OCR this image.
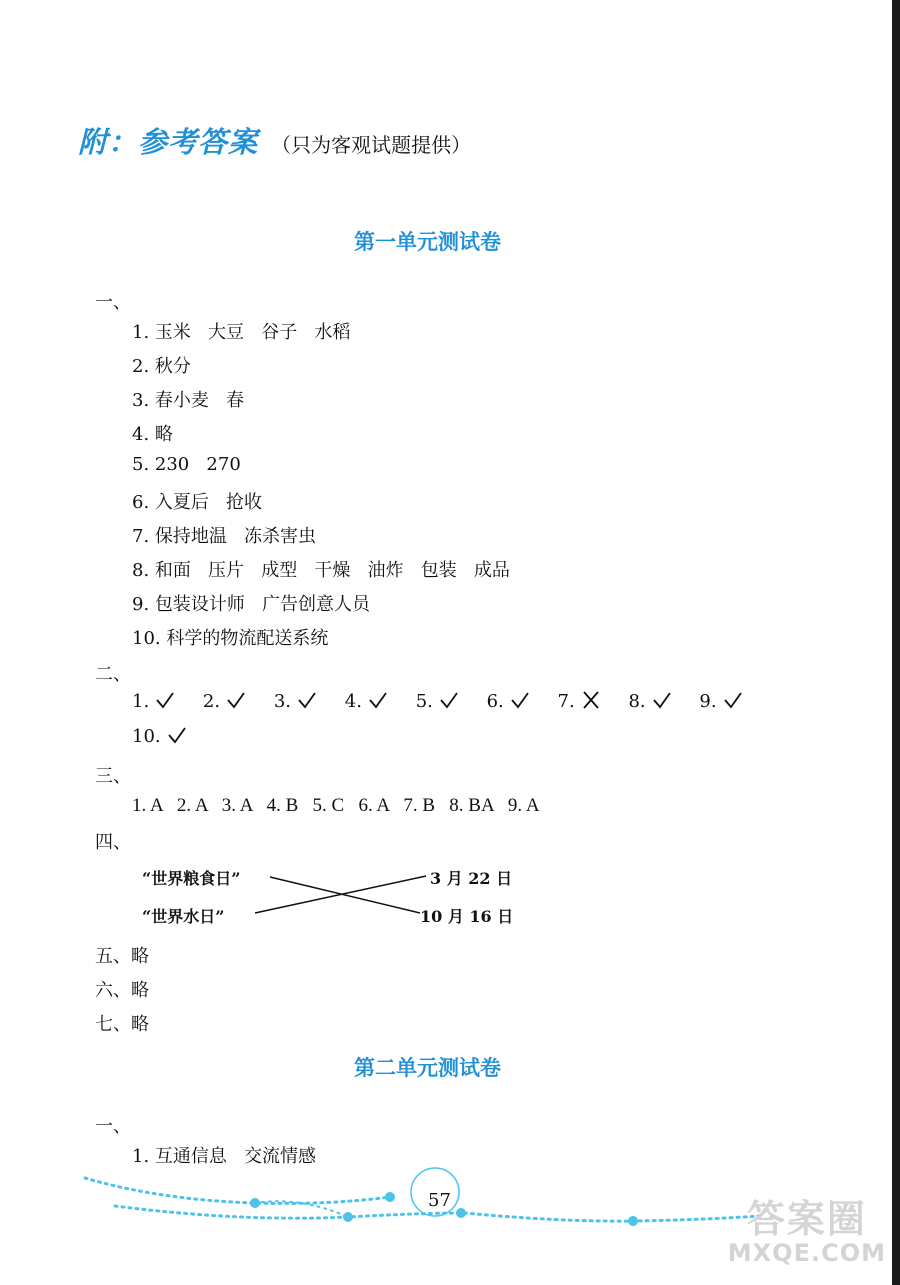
附：参考答案 （只为客观试题提供）
第一单元测试卷
一、
1. 玉米   大豆   谷子   水稻
2. 秋分
3. 春小麦   春
4. 略
5. 230   270
6. 入夏后   抢收
7. 保持地温   冻杀害虫
8. 和面   压片   成型   干燥   油炸   包装   成品
9. 包装设计师   广告创意人员
10. 科学的物流配送系统
二、
1.	2.	3.	4.	5.	6.	7.	8.	9.
10.
三、
1. A   2. A   3. A   4. B   5. C   6. A   7. B   8. BA   9. A
四、
“世界粮食日”
“世界水日”
3 月 22 日
10 月 16 日
五、略
六、略
七、略
第二单元测试卷
一、
1. 互通信息   交流情感
57	答案圈
MXQE.COM
